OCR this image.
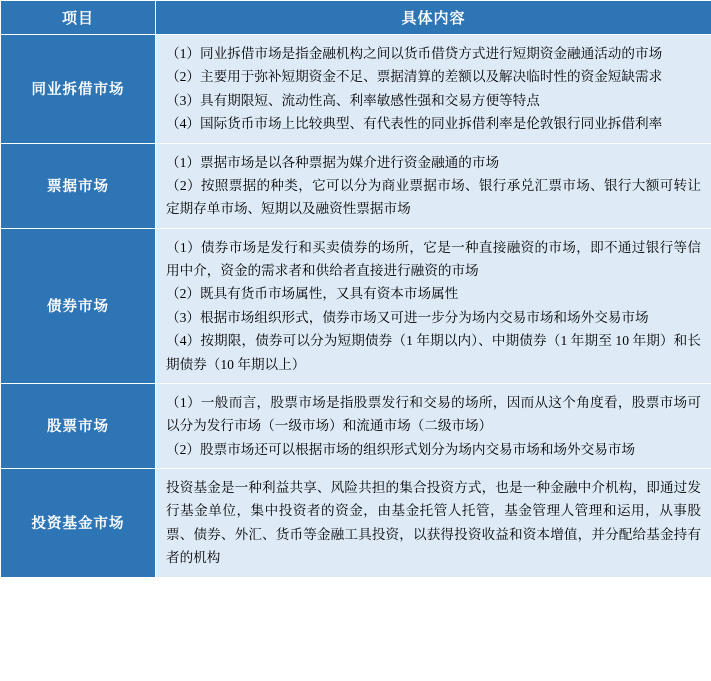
项目	具体内容
同业拆借市场	（1）同业拆借市场是指金融机构之间以货币借贷方式进行短期资金融通活动的市场

（2）主要用于弥补短期资金不足、票据清算的差额以及解决临时性的资金短缺需求

（3）具有期限短、流动性高、利率敏感性强和交易方便等特点

（4）国际货币市场上比较典型、有代表性的同业拆借利率是伦敦银行同业拆借利率

票据市场	（1）票据市场是以各种票据为媒介进行资金融通的市场

（2）按照票据的种类，它可以分为商业票据市场、银行承兑汇票市场、银行大额可转让定期存单市场、短期以及融资性票据市场

债券市场	（1）债券市场是发行和买卖债券的场所，它是一种直接融资的市场，即不通过银行等信用中介，资金的需求者和供给者直接进行融资的市场

（2）既具有货币市场属性，又具有资本市场属性

（3）根据市场组织形式，债券市场又可进一步分为场内交易市场和场外交易市场

（4）按期限，债券可以分为短期债券（1 年期以内）、中期债券（1 年期至 10 年期）和长期债券（10 年期以上）

股票市场	（1）一般而言，股票市场是指股票发行和交易的场所，因而从这个角度看，股票市场可以分为发行市场（一级市场）和流通市场（二级市场）

（2）股票市场还可以根据市场的组织形式划分为场内交易市场和场外交易市场

投资基金市场	投资基金是一种利益共享、风险共担的集合投资方式，也是一种金融中介机构，即通过发行基金单位，集中投资者的资金，由基金托管人托管，基金管理人管理和运用，从事股票、债券、外汇、货币等金融工具投资，以获得投资收益和资本增值，并分配给基金持有者的机构
